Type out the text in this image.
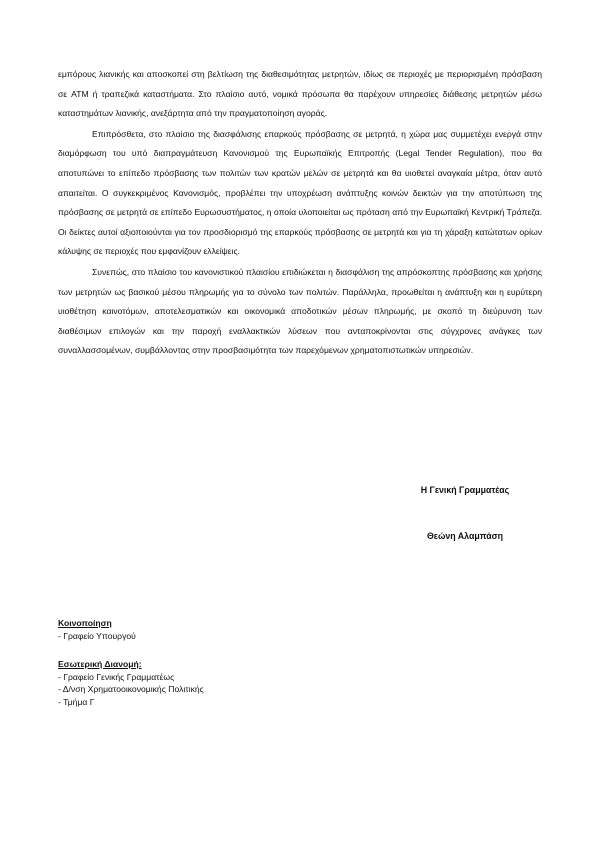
εμπόρους λιανικής και αποσκοπεί στη βελτίωση της διαθεσιμότητας μετρητών, ιδίως σε περιοχές με περιορισμένη πρόσβαση σε ATM ή τραπεζικά καταστήματα. Στο πλαίσιο αυτό, νομικά πρόσωπα θα παρέχουν υπηρεσίες διάθεσης μετρητών μέσω καταστημάτων λιανικής, ανεξάρτητα από την πραγματοποίηση αγοράς.

Επιπρόσθετα, στο πλαίσιο της διασφάλισης επαρκούς πρόσβασης σε μετρητά, η χώρα μας συμμετέχει ενεργά στην διαμόρφωση του υπό διαπραγμάτευση Κανονισμού της Ευρωπαϊκής Επιτροπής (Legal Tender Regulation), που θα αποτυπώνει το επίπεδο πρόσβασης των πολιτών των κρατών μελών σε μετρητά και θα υιοθετεί αναγκαία μέτρα, όταν αυτό απαιτείται. Ο συγκεκριμένος Κανονισμός, προβλέπει την υποχρέωση ανάπτυξης κοινών δεικτών για την αποτύπωση της πρόσβασης σε μετρητά σε επίπεδο Ευρωσυστήματος, η οποία υλοποιείται ως πρόταση από την Ευρωπαϊκή Κεντρική Τράπεζα. Οι δείκτες αυτοί αξιοποιούνται για τον προσδιορισμό της επαρκούς πρόσβασης σε μετρητά και για τη χάραξη κατώτατων ορίων κάλυψης σε περιοχές που εμφανίζουν ελλείψεις.

Συνεπώς, στο πλαίσιο του κανονιστικού πλαισίου επιδιώκεται η διασφάλιση της απρόσκοπτης πρόσβασης και χρήσης των μετρητών ως βασικού μέσου πληρωμής για το σύνολο των πολιτών. Παράλληλα, προωθείται η ανάπτυξη και η ευρύτερη υιοθέτηση καινοτόμων, αποτελεσματικών και οικονομικά αποδοτικών μέσων πληρωμής, με σκοπό τη διεύρυνση των διαθέσιμων επιλογών και την παροχή εναλλακτικών λύσεων που ανταποκρίνονται στις σύγχρονες ανάγκες των συναλλασσομένων, συμβάλλοντας στην προσβασιμότητα των παρεχόμενων χρηματοπιστωτικών υπηρεσιών.

Η Γενική Γραμματέας

Θεώνη Αλαμπάση

Κοινοποίηση

- Γραφείο Υπουργού

Εσωτερική Διανομή:

- Γραφείο Γενικής Γραμματέως

- Δ/νση Χρηματοοικονομικής Πολιτικής

- Τμήμα Γ
